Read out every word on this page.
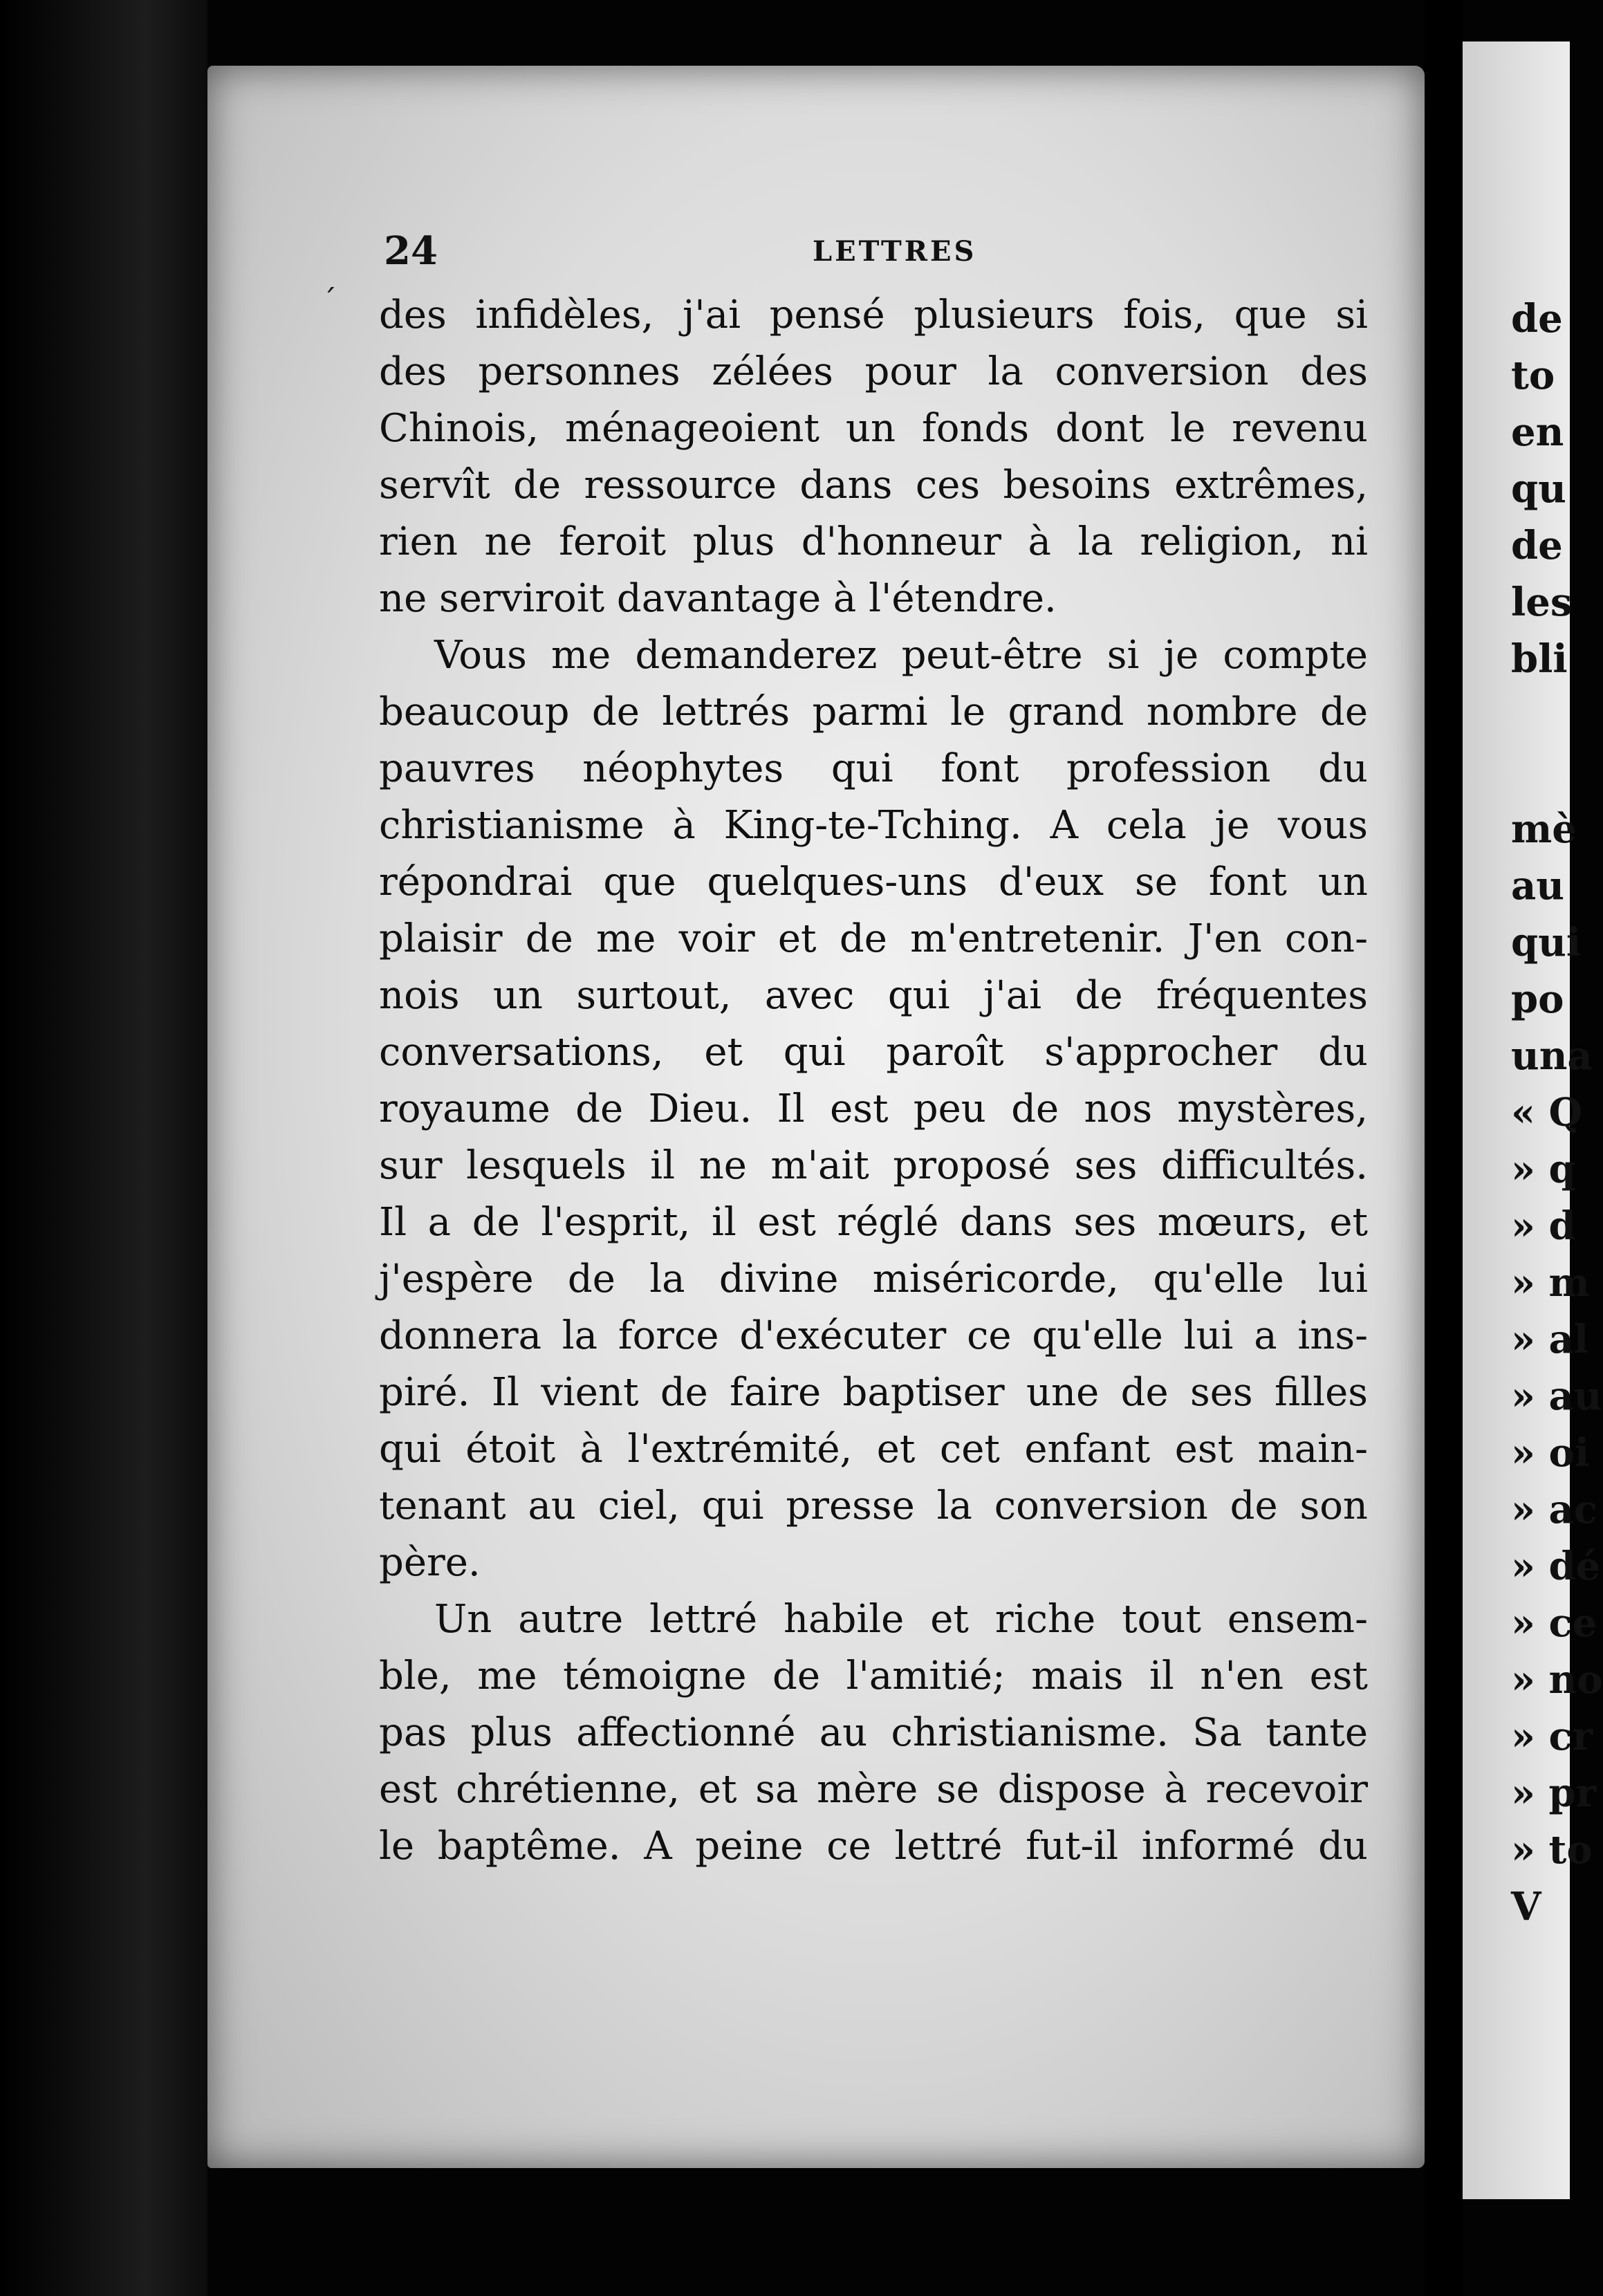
´
24	LETTRES
des infidèles, j'ai pensé plusieurs fois, que si
des personnes zélées pour la conversion des
Chinois, ménageoient un fonds dont le revenu
servît de ressource dans ces besoins extrêmes,
rien ne feroit plus d'honneur à la religion, ni
ne serviroit davantage à l'étendre.
Vous me demanderez peut-être si je compte
beaucoup de lettrés parmi le grand nombre de
pauvres néophytes qui font profession du
christianisme à King-te-Tching. A cela je vous
répondrai que quelques-uns d'eux se font un
plaisir de me voir et de m'entretenir. J'en con-
nois un surtout, avec qui j'ai de fréquentes
conversations, et qui paroît s'approcher du
royaume de Dieu. Il est peu de nos mystères,
sur lesquels il ne m'ait proposé ses difficultés.
Il a de l'esprit, il est réglé dans ses mœurs, et
j'espère de la divine miséricorde, qu'elle lui
donnera la force d'exécuter ce qu'elle lui a ins-
piré. Il vient de faire baptiser une de ses filles
qui étoit à l'extrémité, et cet enfant est main-
tenant au ciel, qui presse la conversion de son
père.
Un autre lettré habile et riche tout ensem-
ble, me témoigne de l'amitié; mais il n'en est
pas plus affectionné au christianisme. Sa tante
est chrétienne, et sa mère se dispose à recevoir
le baptême. A peine ce lettré fut-il informé du
de
to
en
qu
de
les
bli
mè
au
qui
po
una
« Q
» q
» d
» m
» al
» au
» oi
» ac
» dé
» ce
» no
» cr
» pr
» to
V
